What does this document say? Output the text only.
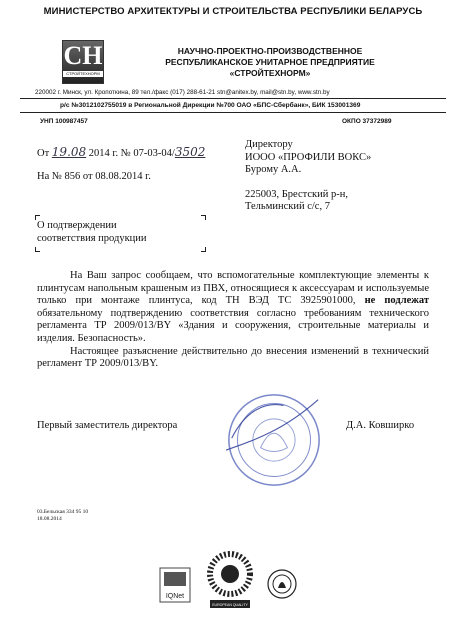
МИНИСТЕРСТВО АРХИТЕКТУРЫ И СТРОИТЕЛЬСТВА РЕСПУБЛИКИ БЕЛАРУСЬ
СН
СТРОЙТЕХНОРМ
НАУЧНО-ПРОЕКТНО-ПРОИЗВОДСТВЕННОЕ
РЕСПУБЛИКАНСКОЕ УНИТАРНОЕ ПРЕДПРИЯТИЕ
«СТРОЙТЕХНОРМ»
220002 г. Минск, ул. Кропоткина, 89 тел./факс (017) 288-61-21 stn@anitex.by, mail@stn.by, www.stn.by
р/с №3012102755019 в Региональной Дирекции №700 ОАО «БПС-Сбербанк», БИК 153001369
УНП 100987457	ОКПО 37372989
От 19.08 2014 г. № 07-03-04/3502
На № 856 от 08.08.2014 г.
Директору
ИООО «ПРОФИЛИ ВОКС»
Бурому А.А.
225003, Брестский р-н,
Тельминский с/с, 7
О подтверждении
соответствия продукции

На Ваш запрос сообщаем, что вспомогательные комплектующие элементы к плинтусам напольным крашеным из ПВХ, относящиеся к аксессуарам и используемые только при монтаже плинтуса, код ТН ВЭД ТС 3925901000, не подлежат обязательному подтверждению соответствия согласно требованиям технического регламента ТР 2009/013/BY «Здания и сооружения, строительные материалы и изделия. Безопасность».

Настоящее разъяснение действительно до внесения изменений в технический регламент ТР 2009/013/BY.

Первый заместитель директора	Д.А. Ковширко
03.Бельская 334 95 10
18.08.2014
IQNet
EUROPEAN QUALITY
